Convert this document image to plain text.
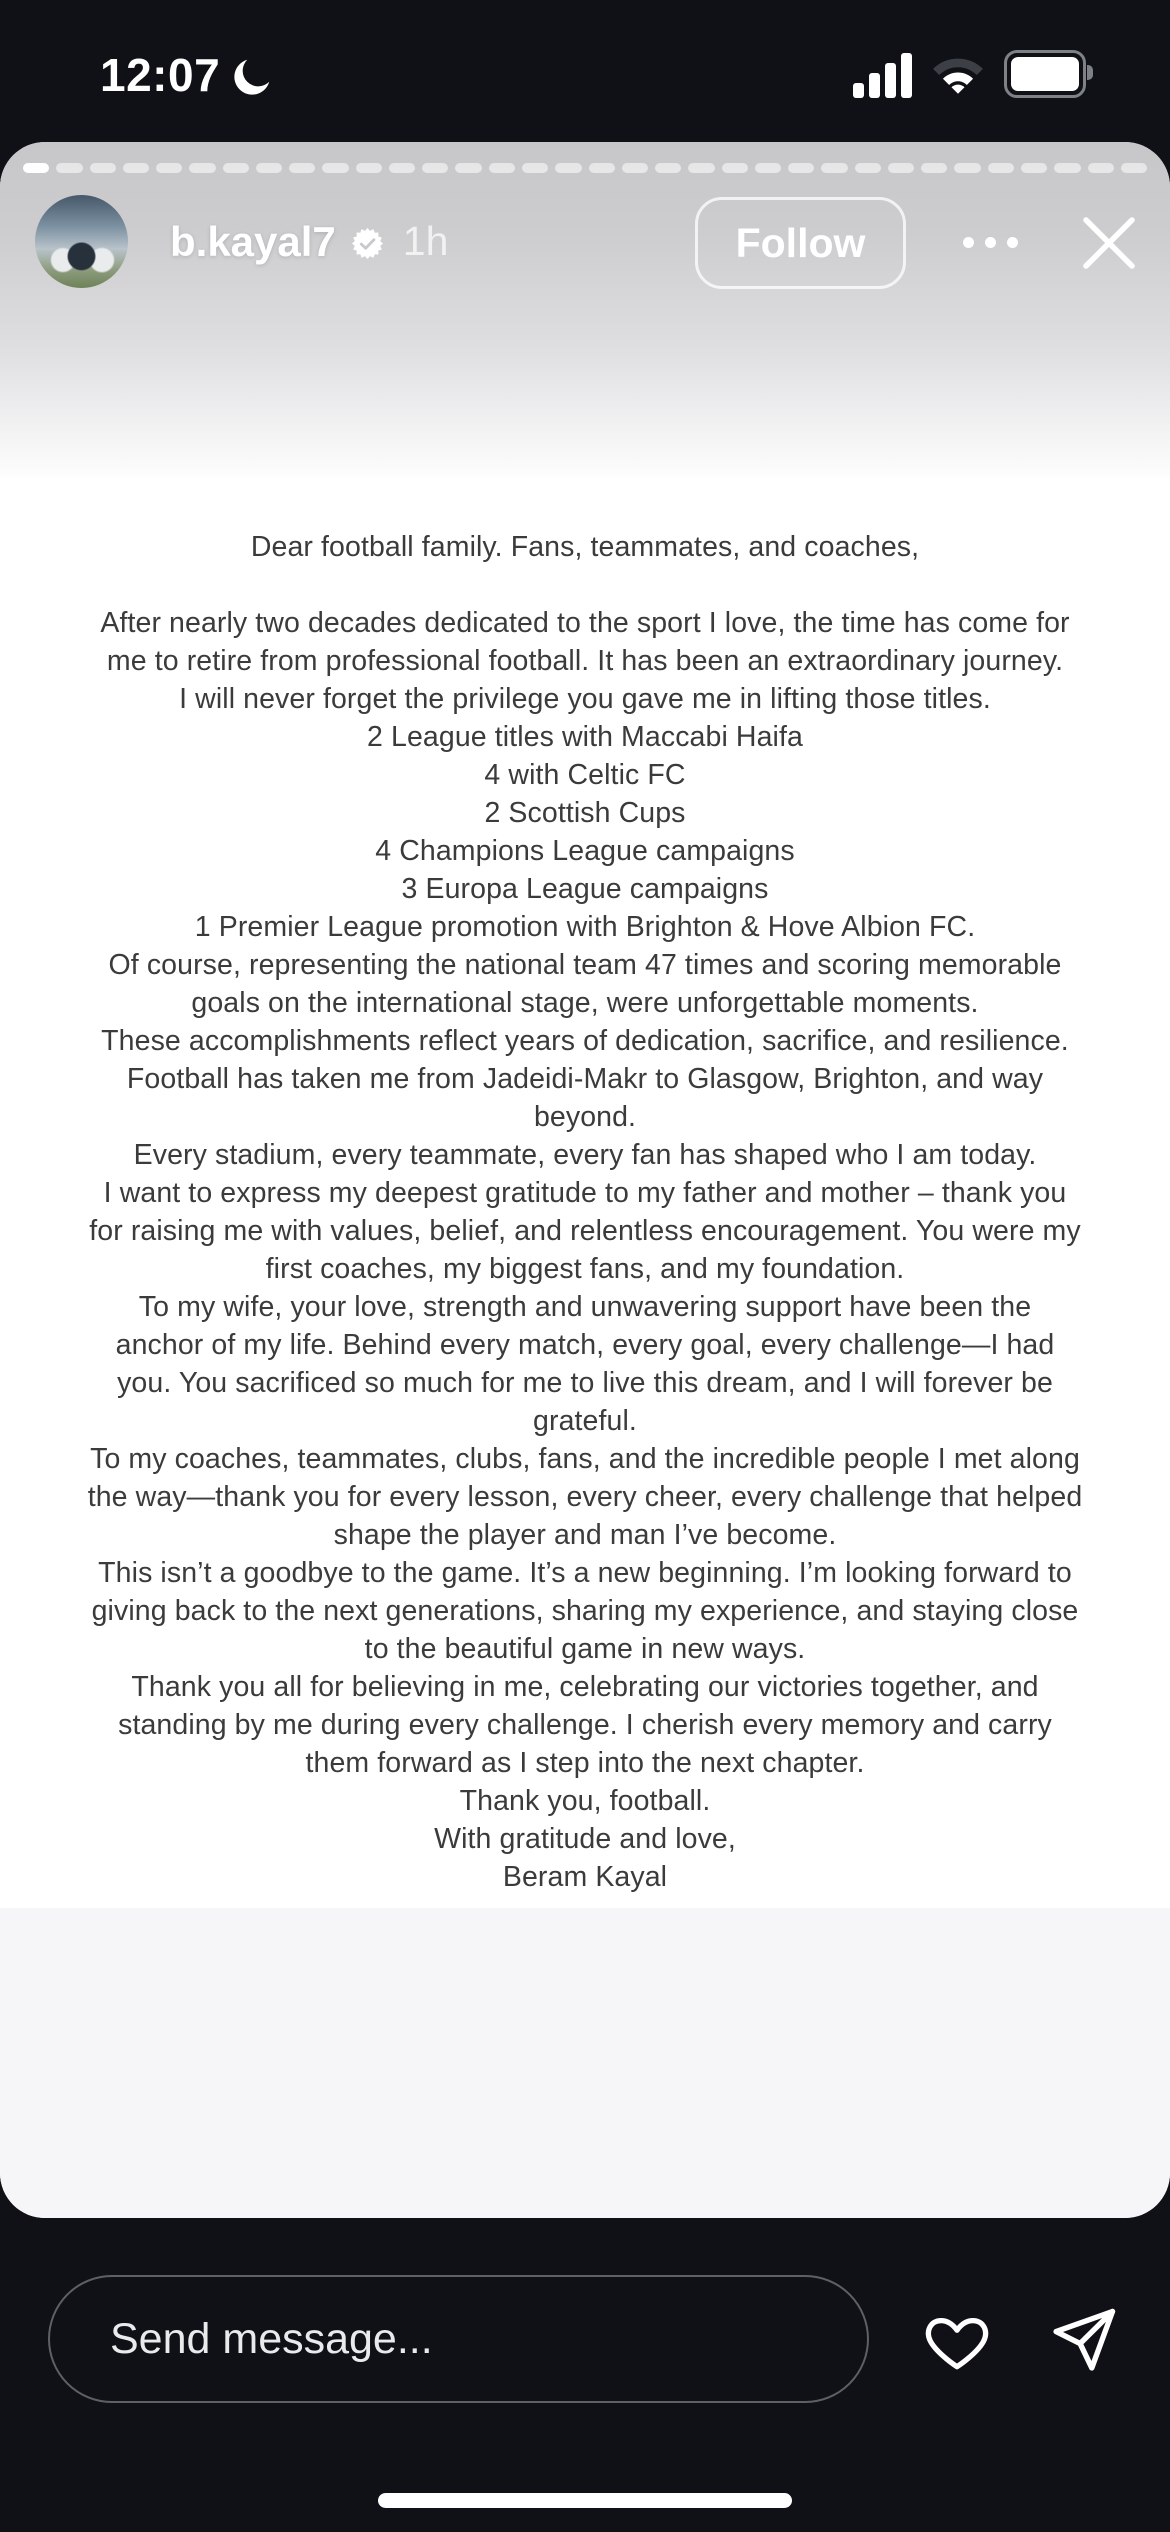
12:07
b.kayal7 1h	Follow
Dear football family. Fans, teammates, and coaches,
After nearly two decades dedicated to the sport I love, the time has come for
me to retire from professional football. It has been an extraordinary journey.
I will never forget the privilege you gave me in lifting those titles.
2 League titles with Maccabi Haifa
4 with Celtic FC
2 Scottish Cups
4 Champions League campaigns
3 Europa League campaigns
1 Premier League promotion with Brighton & Hove Albion FC.
Of course, representing the national team 47 times and scoring memorable
goals on the international stage, were unforgettable moments.
These accomplishments reflect years of dedication, sacrifice, and resilience.
Football has taken me from Jadeidi-Makr to Glasgow, Brighton, and way
beyond.
Every stadium, every teammate, every fan has shaped who I am today.
I want to express my deepest gratitude to my father and mother – thank you
for raising me with values, belief, and relentless encouragement. You were my
first coaches, my biggest fans, and my foundation.
To my wife, your love, strength and unwavering support have been the
anchor of my life. Behind every match, every goal, every challenge—I had
you. You sacrificed so much for me to live this dream, and I will forever be
grateful.
To my coaches, teammates, clubs, fans, and the incredible people I met along
the way—thank you for every lesson, every cheer, every challenge that helped
shape the player and man I’ve become.
This isn’t a goodbye to the game. It’s a new beginning. I’m looking forward to
giving back to the next generations, sharing my experience, and staying close
to the beautiful game in new ways.
Thank you all for believing in me, celebrating our victories together, and
standing by me during every challenge. I cherish every memory and carry
them forward as I step into the next chapter.
Thank you, football.
With gratitude and love,
Beram Kayal
Send message...
